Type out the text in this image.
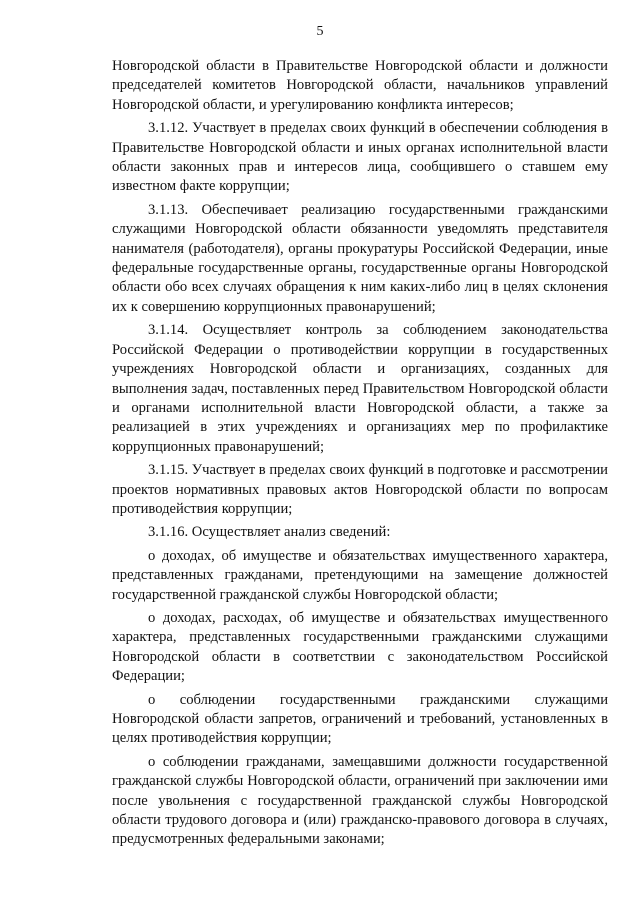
5

Новгородской области в Правительстве Новгородской области и должности председателей комитетов Новгородской области, начальников управлений Новгородской области, и урегулированию конфликта интересов;

3.1.12. Участвует в пределах своих функций в обеспечении соблюдения в Правительстве Новгородской области и иных органах исполнительной власти области законных прав и интересов лица, сообщившего о ставшем ему известном факте коррупции;

3.1.13. Обеспечивает реализацию государственными гражданскими служащими Новгородской области обязанности уведомлять представителя нанимателя (работодателя), органы прокуратуры Российской Федерации, иные федеральные государственные органы, государственные органы Новгородской области обо всех случаях обращения к ним каких-либо лиц в целях склонения их к совершению коррупционных правонарушений;

3.1.14. Осуществляет контроль за соблюдением законодательства Российской Федерации о противодействии коррупции в государственных учреждениях Новгородской области и организациях, созданных для выполнения задач, поставленных перед Правительством Новгородской области и органами исполнительной власти Новгородской области, а также за реализацией в этих учреждениях и организациях мер по профилактике коррупционных правонарушений;

3.1.15. Участвует в пределах своих функций в подготовке и рассмотрении проектов нормативных правовых актов Новгородской области по вопросам противодействия коррупции;

3.1.16. Осуществляет анализ сведений:

о доходах, об имуществе и обязательствах имущественного характера, представленных гражданами, претендующими на замещение должностей государственной гражданской службы Новгородской области;

о доходах, расходах, об имуществе и обязательствах имущественного характера, представленных государственными гражданскими служащими Новгородской области в соответствии с законодательством Российской Федерации;

о соблюдении государственными гражданскими служащими Новгородской области запретов, ограничений и требований, установленных в целях противодействия коррупции;

о соблюдении гражданами, замещавшими должности государственной гражданской службы Новгородской области, ограничений при заключении ими после увольнения с государственной гражданской службы Новгородской области трудового договора и (или) гражданско-правового договора в случаях, предусмотренных федеральными законами;
